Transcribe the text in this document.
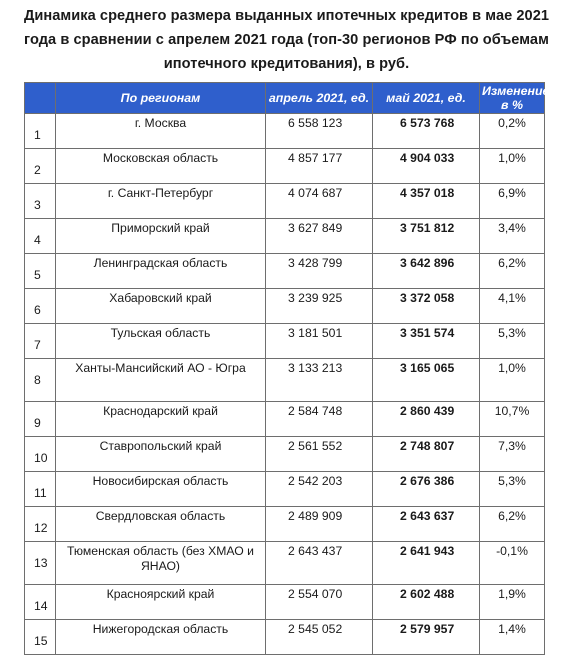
Динамика среднего размера выданных ипотечных кредитов в мае 2021 года в сравнении с апрелем 2021 года (топ-30 регионов РФ по объемам ипотечного кредитования), в руб.
	По регионам	апрель 2021, ед.	май 2021, ед.	Изменение, в %
1	г. Москва	6 558 123	6 573 768	0,2%
2	Московская область	4 857 177	4 904 033	1,0%
3	г. Санкт-Петербург	4 074 687	4 357 018	6,9%
4	Приморский край	3 627 849	3 751 812	3,4%
5	Ленинградская область	3 428 799	3 642 896	6,2%
6	Хабаровский край	3 239 925	3 372 058	4,1%
7	Тульская область	3 181 501	3 351 574	5,3%
8	Ханты-Мансийский АО - Югра	3 133 213	3 165 065	1,0%
9	Краснодарский край	2 584 748	2 860 439	10,7%
10	Ставропольский край	2 561 552	2 748 807	7,3%
11	Новосибирская область	2 542 203	2 676 386	5,3%
12	Свердловская область	2 489 909	2 643 637	6,2%
13	Тюменская область (без ХМАО и ЯНАО)	2 643 437	2 641 943	-0,1%
14	Красноярский край	2 554 070	2 602 488	1,9%
15	Нижегородская область	2 545 052	2 579 957	1,4%
